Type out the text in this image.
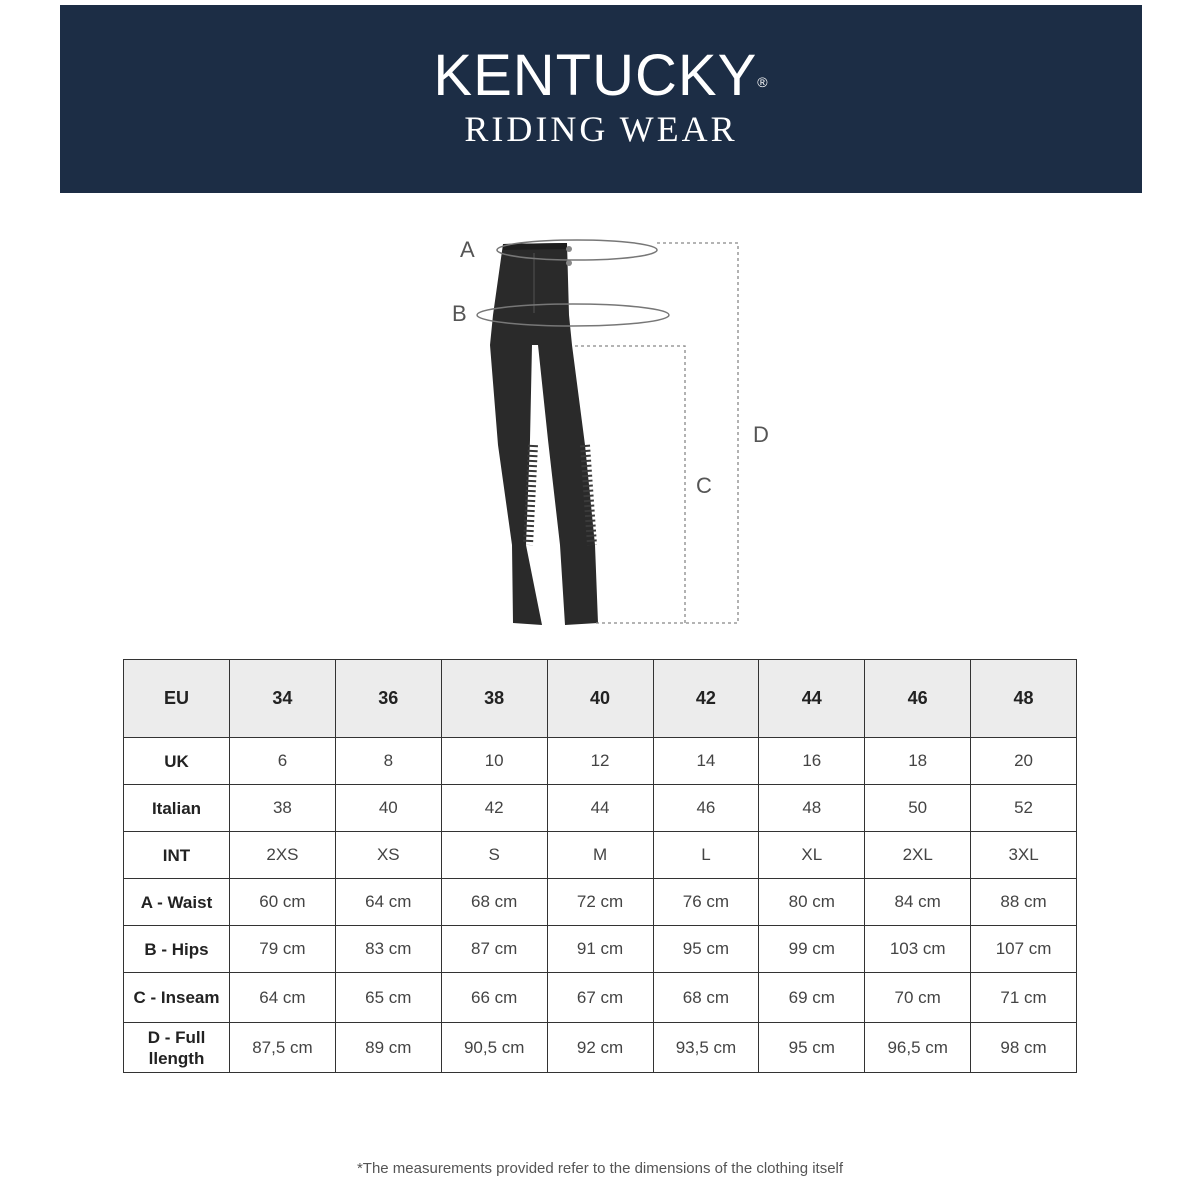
KENTUCKY®
RIDING WEAR
A
B
C
D
EU	34	36	38	40	42	44	46	48
UK	6	8	10	12	14	16	18	20
Italian	38	40	42	44	46	48	50	52
INT	2XS	XS	S	M	L	XL	2XL	3XL
A - Waist	60 cm	64 cm	68 cm	72 cm	76 cm	80 cm	84 cm	88 cm
B - Hips	79 cm	83 cm	87 cm	91 cm	95 cm	99 cm	103 cm	107 cm
C - Inseam	64 cm	65 cm	66 cm	67 cm	68 cm	69 cm	70 cm	71 cm
D - Full llength	87,5 cm	89 cm	90,5 cm	92 cm	93,5 cm	95 cm	96,5 cm	98 cm
*The measurements provided refer to the dimensions of the clothing itself
